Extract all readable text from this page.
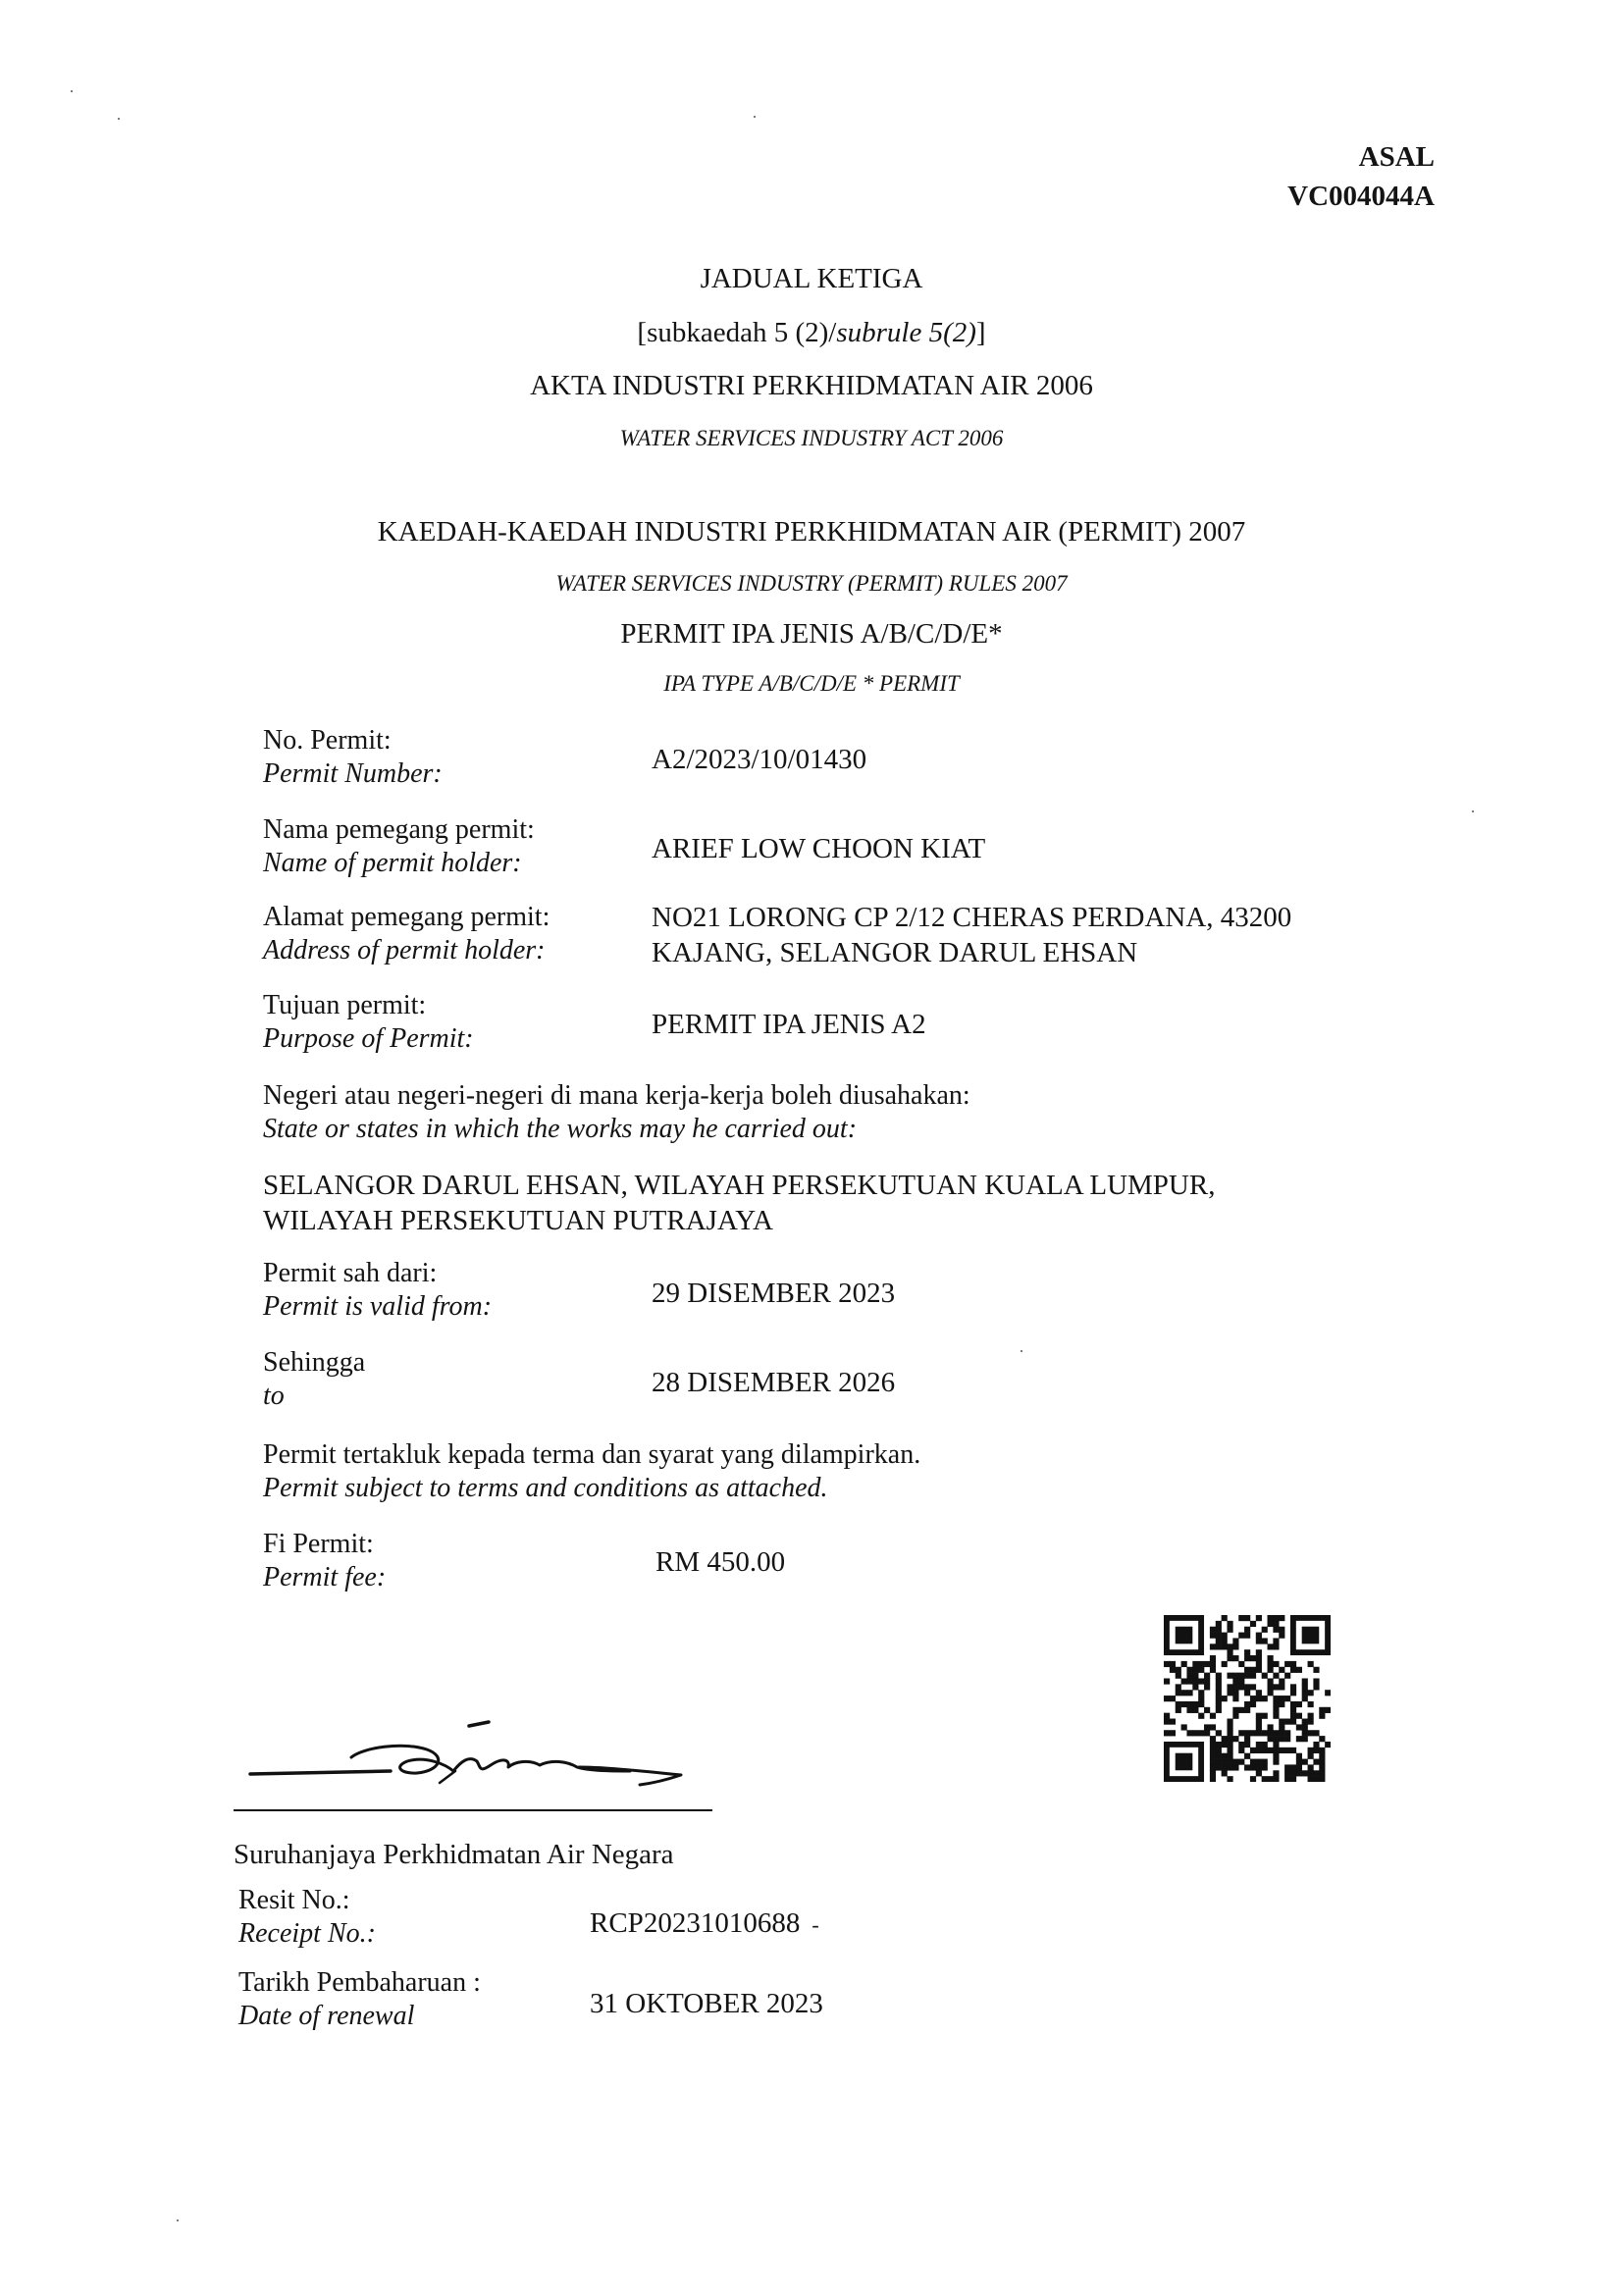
ASAL
VC004044A
JADUAL KETIGA
[subkaedah 5 (2)/subrule 5(2)]
AKTA INDUSTRI PERKHIDMATAN AIR 2006
WATER SERVICES INDUSTRY ACT 2006
KAEDAH-KAEDAH INDUSTRI PERKHIDMATAN AIR (PERMIT) 2007
WATER SERVICES INDUSTRY (PERMIT) RULES 2007
PERMIT IPA JENIS A/B/C/D/E*
IPA TYPE A/B/C/D/E * PERMIT
No. Permit:
Permit Number:	A2/2023/10/01430
Nama pemegang permit:
Name of permit holder:	ARIEF LOW CHOON KIAT
Alamat pemegang permit:
Address of permit holder:
NO21 LORONG CP 2/12 CHERAS PERDANA, 43200
KAJANG, SELANGOR DARUL EHSAN
Tujuan permit:
Purpose of Permit:	PERMIT IPA JENIS A2
Negeri atau negeri-negeri di mana kerja-kerja boleh diusahakan:
State or states in which the works may he carried out:
SELANGOR DARUL EHSAN, WILAYAH PERSEKUTUAN KUALA LUMPUR,
WILAYAH PERSEKUTUAN PUTRAJAYA
Permit sah dari:
Permit is valid from:	29 DISEMBER 2023
Sehingga
to	28 DISEMBER 2026
Permit tertakluk kepada terma dan syarat yang dilampirkan.
Permit subject to terms and conditions as attached.
Fi Permit:
Permit fee:	RM 450.00
Suruhanjaya Perkhidmatan Air Negara
Resit No.:
Receipt No.:	RCP20231010688 -
Tarikh Pembaharuan :
Date of renewal	31 OKTOBER 2023
